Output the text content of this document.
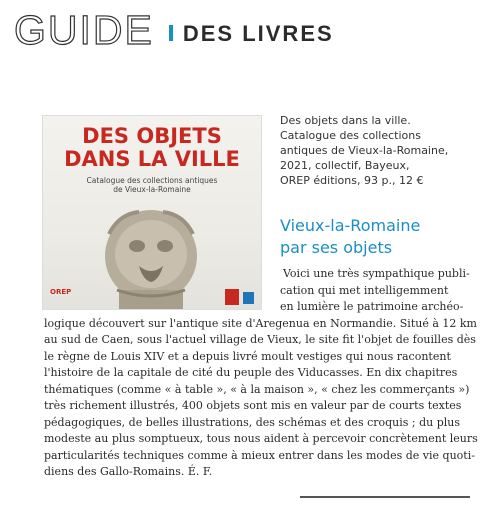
GUIDE DES LIVRES
DES OBJETS
DANS LA VILLE
Catalogue des collections antiques
de Vieux-la-Romaine
OREP
Des objets dans la ville.
Catalogue des collections
antiques de Vieux-la-Romaine,
2021, collectif, Bayeux,
OREP éditions, 93 p., 12 €
Vieux-la-Romaine
par ses objets
Voici une très sympathique publi-
cation qui met intelligemment
en lumière le patrimoine archéo-
logique découvert sur l'antique site d'Aregenua en Normandie. Situé à 12 km
au sud de Caen, sous l'actuel village de Vieux, le site fit l'objet de fouilles dès
le règne de Louis XIV et a depuis livré moult vestiges qui nous racontent
l'histoire de la capitale de cité du peuple des Viducasses. En dix chapitres
thématiques (comme « à table », « à la maison », « chez les commerçants »)
très richement illustrés, 400 objets sont mis en valeur par de courts textes
pédagogiques, de belles illustrations, des schémas et des croquis ; du plus
modeste au plus somptueux, tous nous aident à percevoir concrètement leurs
particularités techniques comme à mieux entrer dans les modes de vie quoti-
diens des Gallo-Romains. É. F.
